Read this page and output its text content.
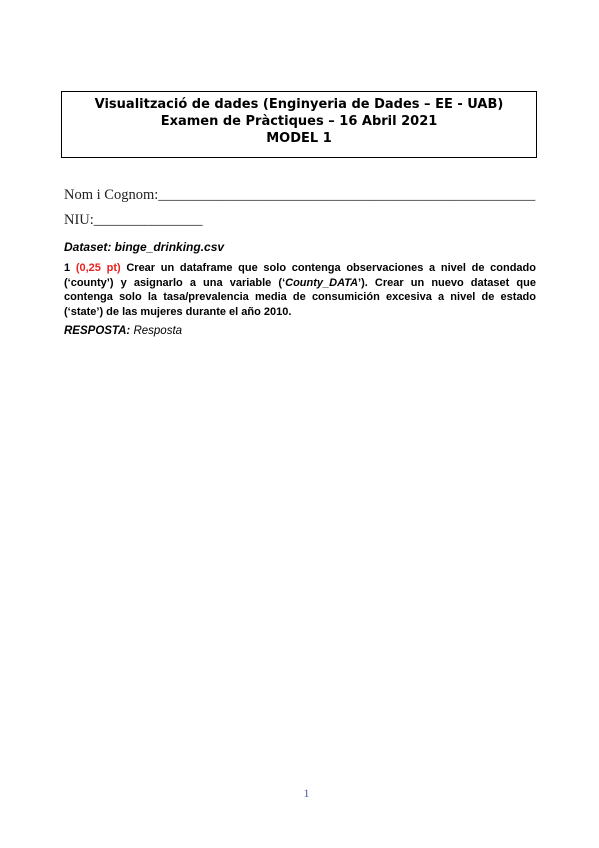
Visualització de dades (Enginyeria de Dades – EE - UAB)
Examen de Pràctiques – 16 Abril 2021
MODEL 1
Nom i Cognom:____________________________________________________
NIU:_______________
Dataset: binge_drinking.csv
1 (0,25 pt) Crear un dataframe que solo contenga observaciones a nivel de condado (‘county’) y asignarlo a una variable (‘County_DATA’). Crear un nuevo dataset que contenga solo la tasa/prevalencia media de consumición excesiva a nivel de estado (‘state’) de las mujeres durante el año 2010.
RESPOSTA: Resposta
1
